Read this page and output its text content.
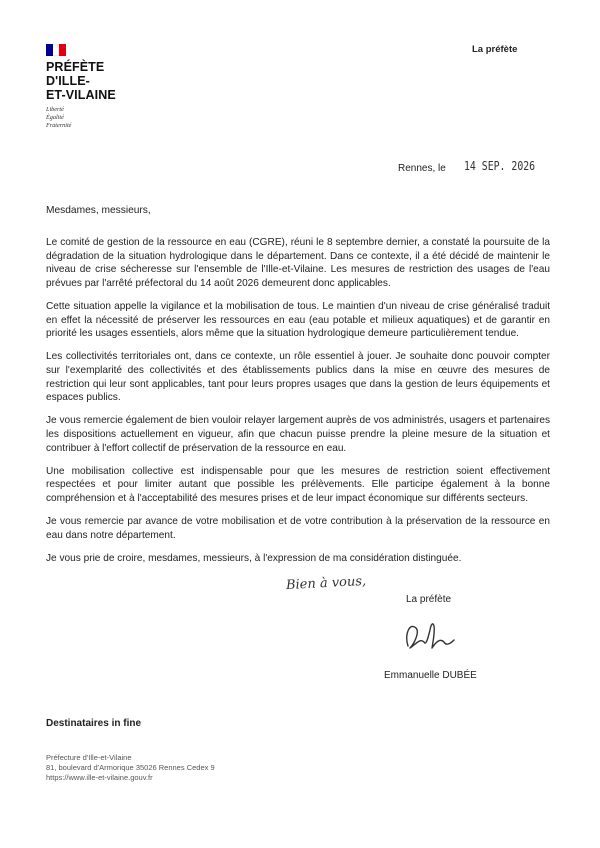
PRÉFÈTE
D'ILLE-
ET-VILAINE
Liberté
Égalité
Fraternité
La préfète
Rennes, le 14 SEP. 2026
Mesdames, messieurs,

Le comité de gestion de la ressource en eau (CGRE), réuni le 8 septembre dernier, a constaté la poursuite de la dégradation de la situation hydrologique dans le département. Dans ce contexte, il a été décidé de maintenir le niveau de crise sécheresse sur l'ensemble de l'Ille-et-Vilaine. Les mesures de restriction des usages de l'eau prévues par l'arrêté préfectoral du 14 août 2026 demeurent donc applicables.

Cette situation appelle la vigilance et la mobilisation de tous. Le maintien d'un niveau de crise généralisé traduit en effet la nécessité de préserver les ressources en eau (eau potable et milieux aquatiques) et de garantir en priorité les usages essentiels, alors même que la situation hydrologique demeure particulièrement tendue.

Les collectivités territoriales ont, dans ce contexte, un rôle essentiel à jouer. Je souhaite donc pouvoir compter sur l'exemplarité des collectivités et des établissements publics dans la mise en œuvre des mesures de restriction qui leur sont applicables, tant pour leurs propres usages que dans la gestion de leurs équipements et espaces publics.

Je vous remercie également de bien vouloir relayer largement auprès de vos administrés, usagers et partenaires les dispositions actuellement en vigueur, afin que chacun puisse prendre la pleine mesure de la situation et contribuer à l'effort collectif de préservation de la ressource en eau.

Une mobilisation collective est indispensable pour que les mesures de restriction soient effectivement respectées et pour limiter autant que possible les prélèvements. Elle participe également à la bonne compréhension et à l'acceptabilité des mesures prises et de leur impact économique sur différents secteurs.

Je vous remercie par avance de votre mobilisation et de votre contribution à la préservation de la ressource en eau dans notre département.

Je vous prie de croire, mesdames, messieurs, à l'expression de ma considération distinguée.

Bien à vous,
La préfète
Emmanuelle DUBÉE
Destinataires in fine
Préfecture d'Ille-et-Vilaine
81, boulevard d'Armorique 35026 Rennes Cedex 9
https://www.ille-et-vilaine.gouv.fr
